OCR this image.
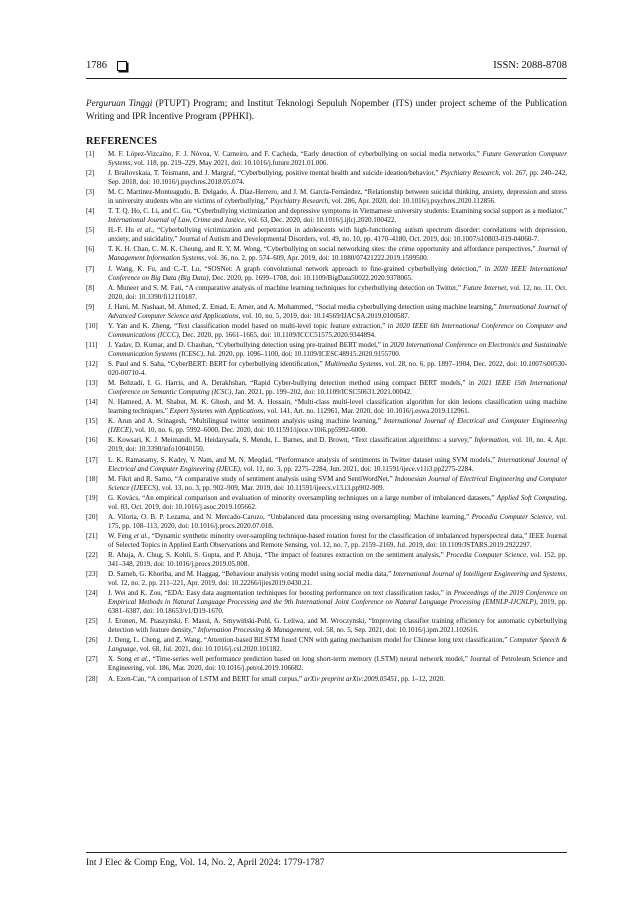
1786	ISSN: 2088-8708
Perguruan Tinggi (PTUPT) Program; and Institut Teknologi Sepuluh Nopember (ITS) under project scheme of the Publication Writing and IPR Incentive Program (PPHKI).
REFERENCES
[1]	M. F. López-Vizcaíno, F. J. Nóvoa, V. Carneiro, and F. Cacheda, “Early detection of cyberbullying on social media networks,” Future Generation Computer Systems, vol. 118, pp. 219–229, May 2021, doi: 10.1016/j.future.2021.01.006.
[2]	J. Brailovskaia, T. Teismann, and J. Margraf, “Cyberbullying, positive mental health and suicide ideation/behavior,” Psychiatry Research, vol. 267, pp. 240–242, Sep. 2018, doi: 10.1016/j.psychres.2018.05.074.
[3]	M. C. Martínez-Monteagudo, B. Delgado, Á. Díaz-Herrero, and J. M. García-Fernández, “Relationship between suicidal thinking, anxiety, depression and stress in university students who are victims of cyberbullying,” Psychiatry Research, vol. 286, Apr. 2020, doi: 10.1016/j.psychres.2020.112856.
[4]	T. T. Q. Ho, C. Li, and C. Gu, “Cyberbullying victimization and depressive symptoms in Vietnamese university students: Examining social support as a mediator,” International Journal of Law, Crime and Justice, vol. 63, Dec. 2020, doi: 10.1016/j.ijlcj.2020.100422.
[5]	H.-F. Hu et al., “Cyberbullying victimization and perpetration in adolescents with high-functioning autism spectrum disorder: correlations with depression, anxiety, and suicidality,” Journal of Autism and Developmental Disorders, vol. 49, no. 10, pp. 4170–4180, Oct. 2019, doi: 10.1007/s10803-019-04060-7.
[6]	T. K. H. Chan, C. M. K. Cheung, and R. Y. M. Wong, “Cyberbullying on social networking sites: the crime opportunity and affordance perspectives,” Journal of Management Information Systems, vol. 36, no. 2, pp. 574–609, Apr. 2019, doi: 10.1080/07421222.2019.1599500.
[7]	J. Wang, K. Fu, and C.-T. Lu, “SOSNet: A graph convolutional network approach to fine-grained cyberbullying detection,” in 2020 IEEE International Conference on Big Data (Big Data), Dec. 2020, pp. 1699–1708, doi: 10.1109/BigData50022.2020.9378065.
[8]	A. Muneer and S. M. Fati, “A comparative analysis of machine learning techniques for cyberbullying detection on Twitter,” Future Internet, vol. 12, no. 11, Oct. 2020, doi: 10.3390/fi12110187.
[9]	J. Hani, M. Nashaat, M. Ahmed, Z. Emad, E. Amer, and A. Mohammed, “Social media cyberbullying detection using machine learning,” International Journal of Advanced Computer Science and Applications, vol. 10, no. 5, 2019, doi: 10.14569/IJACSA.2019.0100587.
[10]	Y. Yan and K. Zheng, “Text classification model based on multi-level topic feature extraction,” in 2020 IEEE 6th International Conference on Computer and Communications (ICCC), Dec. 2020, pp. 1661–1665, doi: 10.1109/ICCC51575.2020.9344894.
[11]	J. Yadav, D. Kumar, and D. Chauhan, “Cyberbullying detection using pre-trained BERT model,” in 2020 International Conference on Electronics and Sustainable Communication Systems (ICESC), Jul. 2020, pp. 1096–1100, doi: 10.1109/ICESC48915.2020.9155700.
[12]	S. Paul and S. Saha, “CyberBERT: BERT for cyberbullying identification,” Multimedia Systems, vol. 28, no. 6, pp. 1897–1904, Dec. 2022, doi: 10.1007/s00530-020-00710-4.
[13]	M. Behzadi, I. G. Harris, and A. Derakhshan, “Rapid Cyber-bullying detection method using compact BERT models,” in 2021 IEEE 15th International Conference on Semantic Computing (ICSC), Jan. 2021, pp. 199–202, doi: 10.1109/ICSC50631.2021.00042.
[14]	N. Hameed, A. M. Shabut, M. K. Ghosh, and M. A. Hossain, “Multi-class multi-level classification algorithm for skin lesions classification using machine learning techniques,” Expert Systems with Applications, vol. 141, Art. no. 112961, Mar. 2020, doi: 10.1016/j.eswa.2019.112961.
[15]	K. Arun and A. Srinagesh, “Multilingual twitter sentiment analysis using machine learning,” International Journal of Electrical and Computer Engineering (IJECE), vol. 10, no. 6, pp. 5992–6000, Dec. 2020, doi: 10.11591/ijece.v10i6.pp5992-6000.
[16]	K. Kowsari, K. J. Meimandi, M. Heidarysafa, S. Mendu, L. Barnes, and D. Brown, “Text classification algorithms: a survey,” Information, vol. 10, no. 4, Apr. 2019, doi: 10.3390/info10040150.
[17]	L. K. Ramasamy, S. Kadry, Y. Nam, and M. N. Meqdad, “Performance analysis of sentiments in Twitter dataset using SVM models,” International Journal of Electrical and Computer Engineering (IJECE), vol. 11, no. 3, pp. 2275–2284, Jun. 2021, doi: 10.11591/ijece.v11i3.pp2275-2284.
[18]	M. Fikri and R. Sarno, “A comparative study of sentiment analysis using SVM and SentiWordNet,” Indonesian Journal of Electrical Engineering and Computer Science (IJEECS), vol. 13, no. 3, pp. 902–909, Mar. 2019, doi: 10.11591/ijeecs.v13.i3.pp902-909.
[19]	G. Kovács, “An empirical comparison and evaluation of minority oversampling techniques on a large number of imbalanced datasets,” Applied Soft Computing, vol. 83, Oct. 2019, doi: 10.1016/j.asoc.2019.105662.
[20]	A. Viloria, O. B. P. Lezama, and N. Mercado-Caruzo, “Unbalanced data processing using oversampling: Machine learning,” Procedia Computer Science, vol. 175, pp. 108–113, 2020, doi: 10.1016/j.procs.2020.07.018.
[21]	W. Feng et al., “Dynamic synthetic minority over-sampling technique-based rotation forest for the classification of imbalanced hyperspectral data,” IEEE Journal of Selected Topics in Applied Earth Observations and Remote Sensing, vol. 12, no. 7, pp. 2159–2169, Jul. 2019, doi: 10.1109/JSTARS.2019.2922297.
[22]	R. Ahuja, A. Chug, S. Kohli, S. Gupta, and P. Ahuja, “The impact of features extraction on the sentiment analysis,” Procedia Computer Science, vol. 152, pp. 341–348, 2019, doi: 10.1016/j.procs.2019.05.008.
[23]	D. Sameh, G. Khoriba, and M. Haggag, “Behaviour analysis voting model using social media data,” International Journal of Intelligent Engineering and Systems, vol. 12, no. 2, pp. 211–221, Apr. 2019, doi: 10.22266/ijies2019.0430.21.
[24]	J. Wei and K. Zou, “EDA: Easy data augmentation techniques for boosting performance on text classification tasks,” in Proceedings of the 2019 Conference on Empirical Methods in Natural Language Processing and the 9th International Joint Conference on Natural Language Processing (EMNLP-IJCNLP), 2019, pp. 6381–6387, doi: 10.18653/v1/D19-1670.
[25]	J. Eronen, M. Ptaszynski, F. Masui, A. Smywiński-Pohl, G. Leliwa, and M. Wroczynski, “Improving classifier training efficiency for automatic cyberbullying detection with feature density,” Information Processing & Management, vol. 58, no. 5, Sep. 2021, doi: 10.1016/j.ipm.2021.102616.
[26]	J. Deng, L. Cheng, and Z. Wang, “Attention-based BiLSTM fused CNN with gating mechanism model for Chinese long text classification,” Computer Speech & Language, vol. 68, Jul. 2021, doi: 10.1016/j.csl.2020.101182.
[27]	X. Song et al., “Time-series well performance prediction based on long short-term memory (LSTM) neural network model,” Journal of Petroleum Science and Engineering, vol. 186, Mar. 2020, doi: 10.1016/j.petrol.2019.106682.
[28]	A. Ezen-Can, “A comparison of LSTM and BERT for small corpus,” arXiv preprint arXiv:2009.05451, pp. 1–12, 2020.
Int J Elec & Comp Eng, Vol. 14, No. 2, April 2024: 1779-1787
